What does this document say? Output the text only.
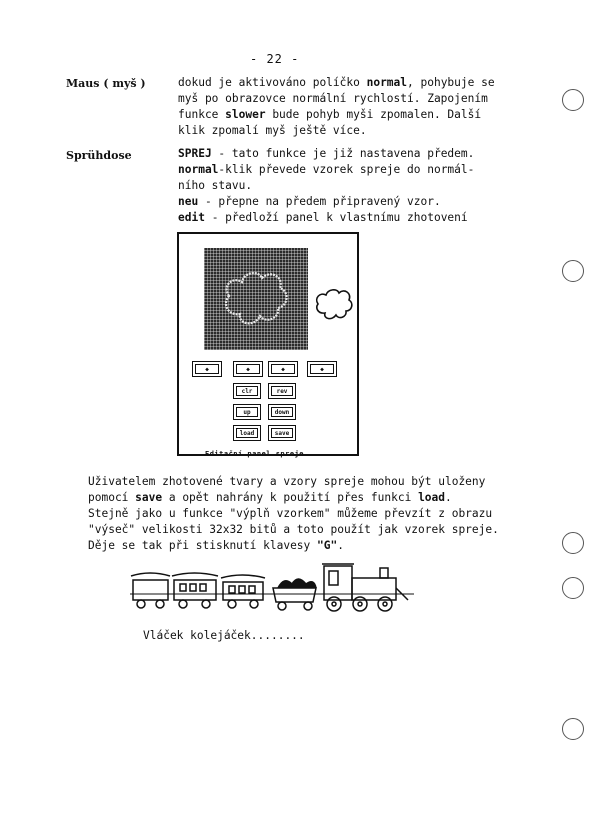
- 22 -
Maus ( myš )	dokud je aktivováno políčko normal, pohybuje se
myš po obrazovce normální rychlostí. Zapojením
funkce slower bude pohyb myši zpomalen. Další
klik zpomalí myš ještě více.
Sprühdose	SPREJ - tato funkce je již nastavena předem.
normal-klik převede vzorek spreje do normál-
ního stavu.
neu - přepne na předem připravený vzor.
edit - předloží panel k vlastnímu zhotovení
◆	◆	◆	◆
clr	rev
up	down
load	save
Editační panel spreje
Uživatelem zhotovené tvary a vzory spreje mohou být uloženy
pomocí save a opět nahrány k použití přes funkci load.
Stejně jako u funkce "výplň vzorkem" můžeme převzít z obrazu
"výseč" velikosti 32x32 bitů a toto použít jak vzorek spreje.
Děje se tak při stisknutí klavesy "G".
Vláček kolejáček........
